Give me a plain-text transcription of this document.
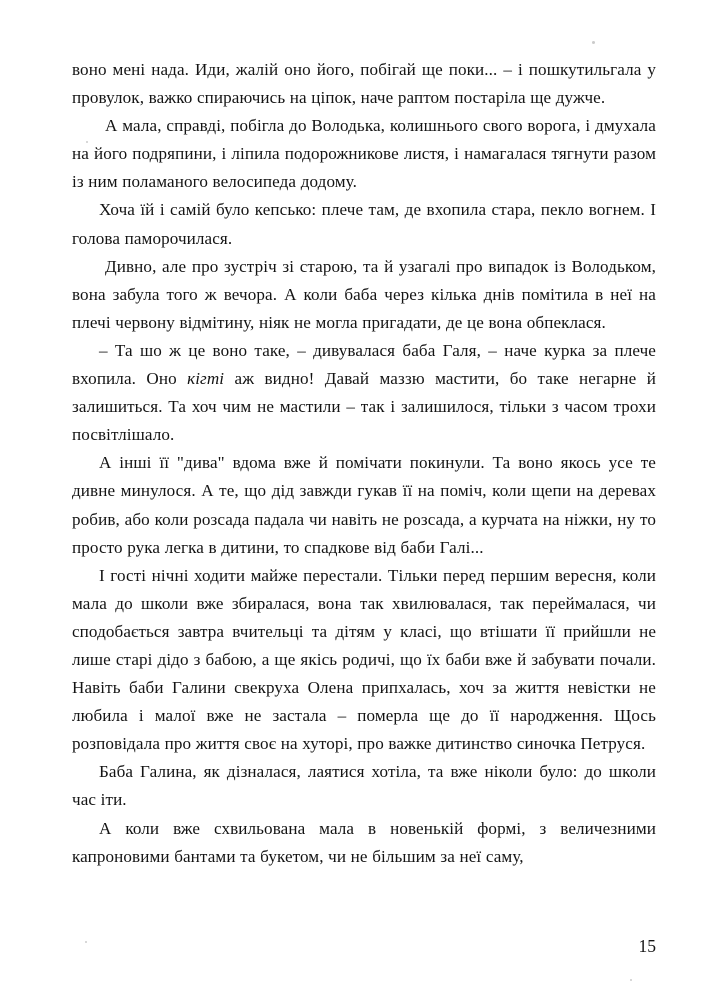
воно мені нада. Иди, жалій оно його, побігай ще поки... – і пошкутильгала у провулок, важко спираючись на ціпок, наче раптом постаріла ще дужче.

А мала, справді, побігла до Володька, колишнього свого ворога, і дмухала на його подряпини, і ліпила подорожникове листя, і намагалася тягнути разом із ним поламаного велосипеда додому.

Хоча їй і самій було кепсько: плече там, де вхопила стара, пекло вогнем. І голова паморочилася.

Дивно, але про зустріч зі старою, та й узагалі про випадок із Володьком, вона забула того ж вечора. А коли баба через кілька днів помітила в неї на плечі червону відмітину, ніяк не могла пригадати, де це вона обпеклася.

– Та шо ж це воно таке, – дивувалася баба Галя, – наче курка за плече вхопила. Оно кігті аж видно! Давай маззю мастити, бо таке негарне й залишиться. Та хоч чим не мастили – так і залишилося, тільки з часом трохи посвітлішало.

А інші її "дива" вдома вже й помічати покинули. Та воно якось усе те дивне минулося. А те, що дід завжди гукав її на поміч, коли щепи на деревах робив, або коли розсада падала чи навіть не розсада, а курчата на ніжки, ну то просто рука легка в дитини, то спадкове від баби Галі...

І гості нічні ходити майже перестали. Тільки перед першим вересня, коли мала до школи вже збиралася, вона так хвилювалася, так переймалася, чи сподобається завтра вчительці та дітям у класі, що втішати її прийшли не лише старі дідо з бабою, а ще якісь родичі, що їх баби вже й забувати почали. Навіть баби Галини свекруха Олена припхалась, хоч за життя невістки не любила і малої вже не застала – померла ще до її народження. Щось розповідала про життя своє на хуторі, про важке дитинство синочка Петруся.

Баба Галина, як дізналася, лаятися хотіла, та вже ніколи було: до школи час іти.

А коли вже схвильована мала в новенькій формі, з величезними капроновими бантами та букетом, чи не більшим за неї саму,

15
